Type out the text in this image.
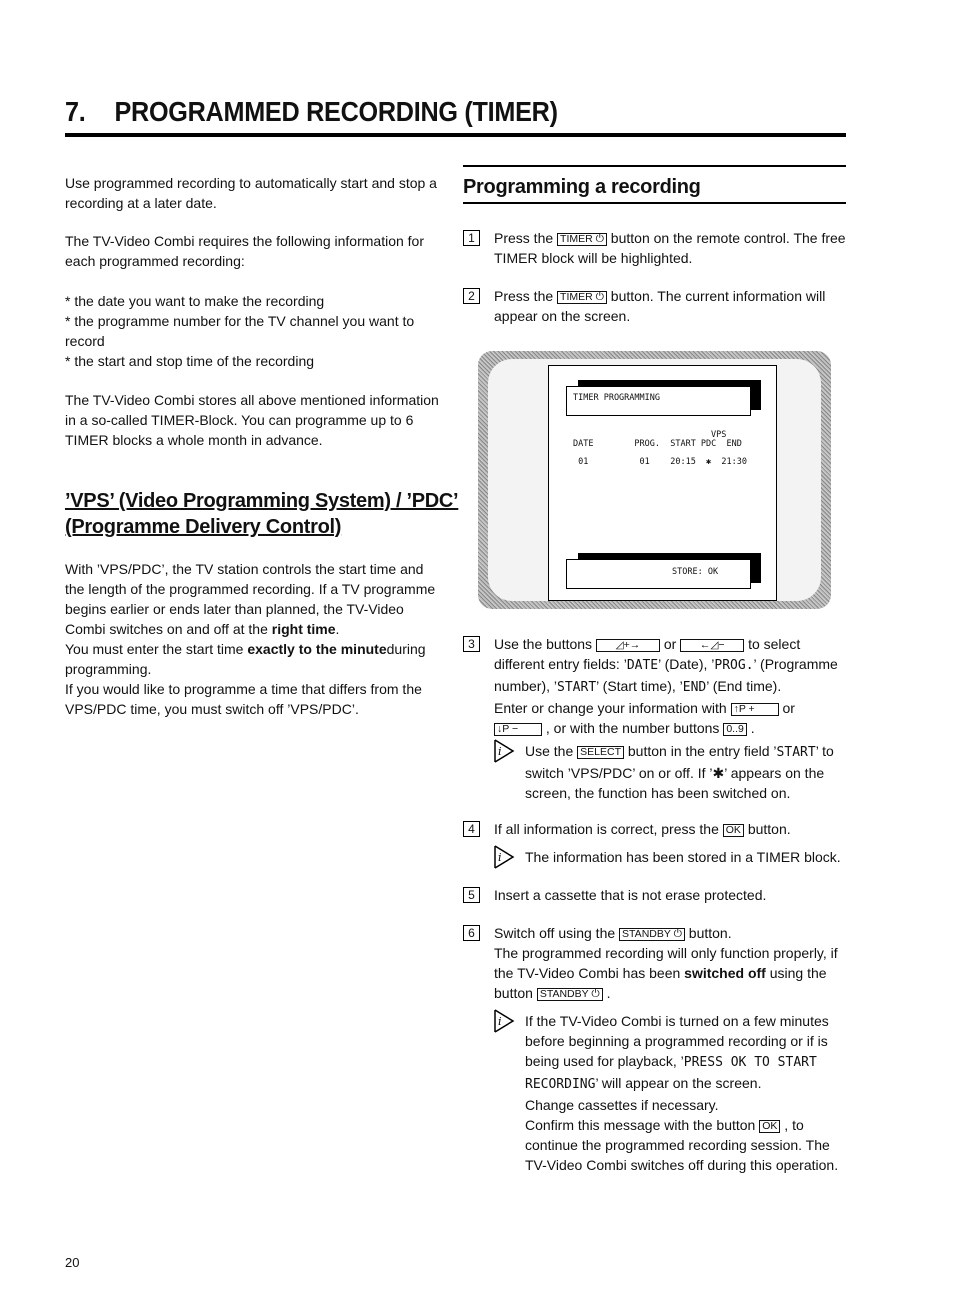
7. PROGRAMMED RECORDING (TIMER)
Use programmed recording to automatically start and stop a recording at a later date.
The TV-Video Combi requires the following information for each programmed recording:
* the date you want to make the recording
* the programme number for the TV channel you want to record
* the start and stop time of the recording
The TV-Video Combi stores all above mentioned information in a so-called TIMER-Block. You can programme up to 6 TIMER blocks a whole month in advance.
’VPS’ (Video Programming System) / ’PDC’
(Programme Delivery Control)
With ’VPS/PDC’, the TV station controls the start time and the length of the programmed recording. If a TV programme begins earlier or ends later than planned, the TV-Video Combi switches on and off at the right time.
You must enter the start time exactly to the minuteduring programming.
If you would like to programme a time that differs from the VPS/PDC time, you must switch off ’VPS/PDC’.
Programming a recording
1	Press the TIMER ⏻ button on the remote control. The free TIMER block will be highlighted.
2	Press the TIMER ⏻ button. The current information will appear on the screen.
TIMER PROGRAMMING
VPS
DATE        PROG.  START PDC  END
01          01    20:15  ✱  21:30
STORE: OK
3	Use the buttons ◿+→ or ←◿− to select different entry fields: ’DATE’ (Date), ’PROG.’ (Programme number), ’START’ (Start time), ’END’ (End time).
Enter or change your information with ↑P + or
↓P − , or with the number buttons 0..9 .
i Use the SELECT button in the entry field ’START’ to switch ’VPS/PDC’ on or off. If ’✱’ appears on the screen, the function has been switched on.
4	If all information is correct, press the OK button.
i The information has been stored in a TIMER block.
5	Insert a cassette that is not erase protected.
6	Switch off using the STANDBY ⏻ button.
The programmed recording will only function properly, if the TV-Video Combi has been switched off using the button STANDBY ⏻ .
i If the TV-Video Combi is turned on a few minutes before beginning a programmed recording or if is being used for playback, ’PRESS OK TO START
RECORDING’ will appear on the screen.
Change cassettes if necessary.
Confirm this message with the button OK , to continue the programmed recording session. The TV-Video Combi switches off during this operation.
20
